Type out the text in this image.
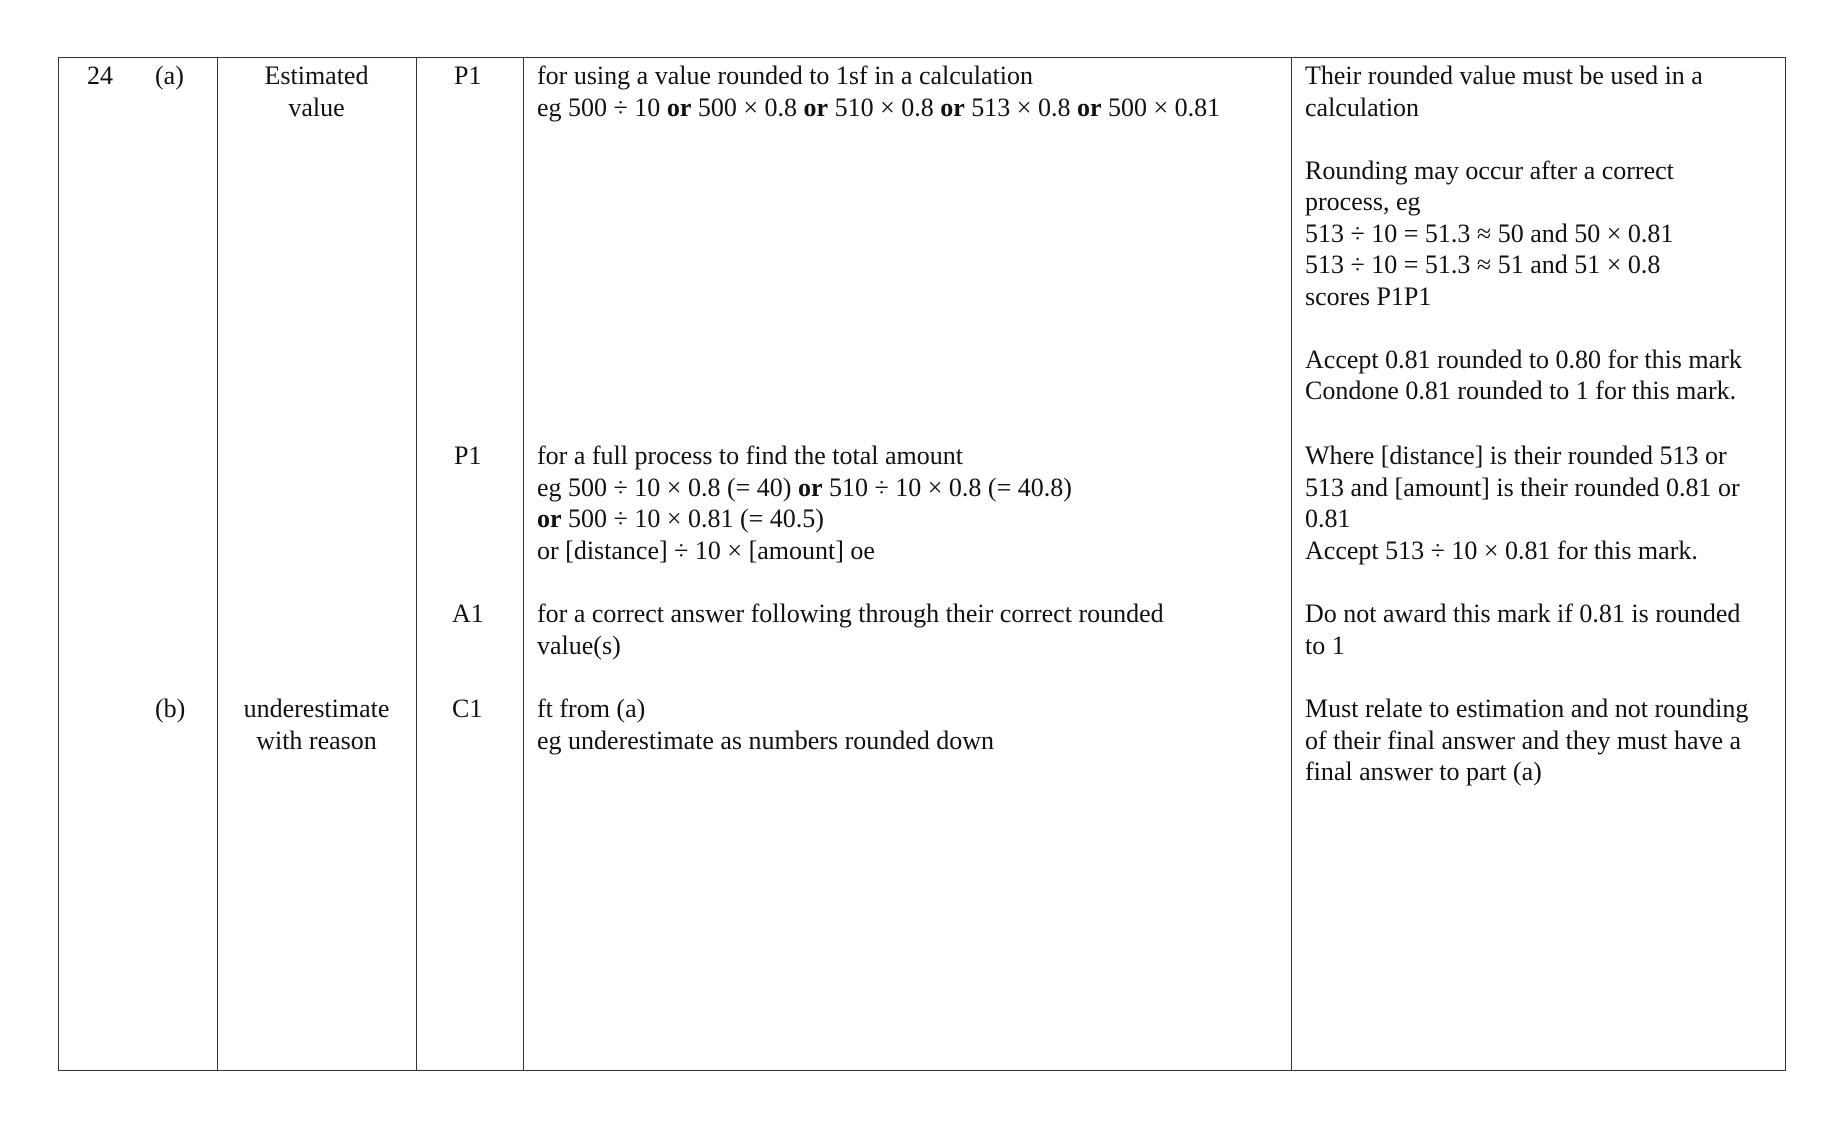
24 (a)	Estimated
value
P1 for using a value rounded to 1sf in a calculation
eg 500 ÷ 10 or 500 × 0.8 or 510 × 0.8 or 513 × 0.8 or 500 × 0.81
Their rounded value must be used in a
calculation

Rounding may occur after a correct
process, eg
513 ÷ 10 = 51.3 ≈ 50 and 50 × 0.81
513 ÷ 10 = 51.3 ≈ 51 and 51 × 0.8
scores P1P1

Accept 0.81 rounded to 0.80 for this mark
Condone 0.81 rounded to 1 for this mark.
P1 for a full process to find the total amount
eg 500 ÷ 10 × 0.8 (= 40) or 510 ÷ 10 × 0.8 (= 40.8)
or 500 ÷ 10 × 0.81 (= 40.5)
or [distance] ÷ 10 × [amount] oe
Where [distance] is their rounded 513 or
513 and [amount] is their rounded 0.81 or
0.81
Accept 513 ÷ 10 × 0.81 for this mark.
A1 for a correct answer following through their correct rounded
value(s)
Do not award this mark if 0.81 is rounded
to 1
(b)	underestimate
with reason
C1 ft from (a)
eg underestimate as numbers rounded down
Must relate to estimation and not rounding
of their final answer and they must have a
final answer to part (a)
